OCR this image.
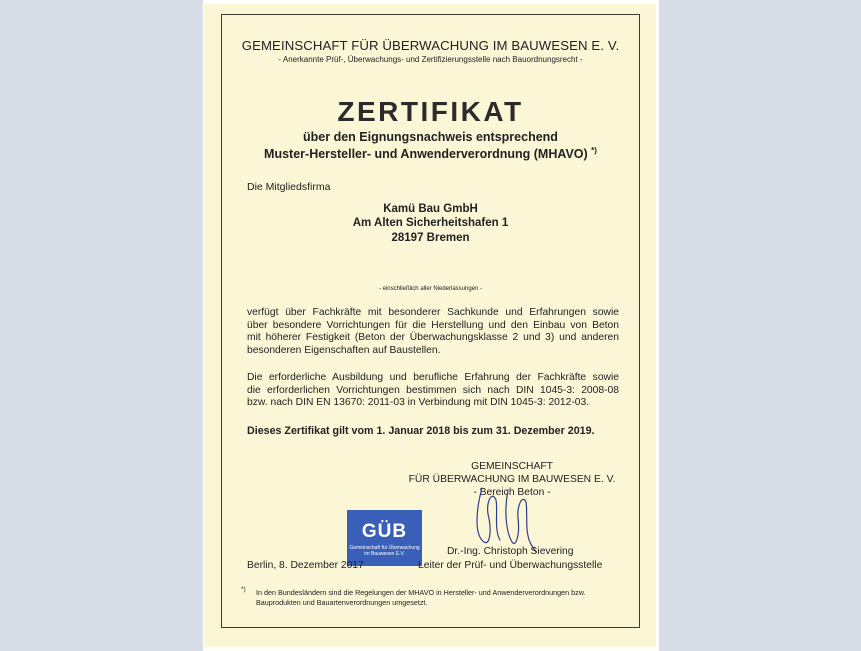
GEMEINSCHAFT FÜR ÜBERWACHUNG IM BAUWESEN E. V.
- Anerkannte Prüf-, Überwachungs- und Zertifizierungsstelle nach Bauordnungsrecht -
ZERTIFIKAT
über den Eignungsnachweis entsprechend
Muster-Hersteller- und Anwenderverordnung (MHAVO) *)
Die Mitgliedsfirma
Kamü Bau GmbH
Am Alten Sicherheitshafen 1
28197 Bremen
- einschließlich aller Niederlassungen -
verfügt über Fachkräfte mit besonderer Sachkunde und Erfahrungen sowie
über besondere Vorrichtungen für die Herstellung und den Einbau von Beton
mit höherer Festigkeit (Beton der Überwachungsklasse 2 und 3) und anderen
besonderen Eigenschaften auf Baustellen.
Die erforderliche Ausbildung und berufliche Erfahrung der Fachkräfte sowie
die erforderlichen Vorrichtungen bestimmen sich nach DIN 1045-3: 2008-08
bzw. nach DIN EN 13670: 2011-03 in Verbindung mit DIN 1045-3: 2012-03.
Dieses Zertifikat gilt vom 1. Januar 2018 bis zum 31. Dezember 2019.
GEMEINSCHAFT
FÜR ÜBERWACHUNG IM BAUWESEN E. V.
- Bereich Beton -
GÜB
Gemeinschaft für Überwachung
im Bauwesen E.V.
Berlin, 8. Dezember 2017
Dr.-Ing. Christoph Sievering
Leiter der Prüf- und Überwachungsstelle
*) In den Bundesländern sind die Regelungen der MHAVO in Hersteller- und Anwenderverordnungen bzw.
Bauprodukten und Bauartenverordnungen umgesetzt.
